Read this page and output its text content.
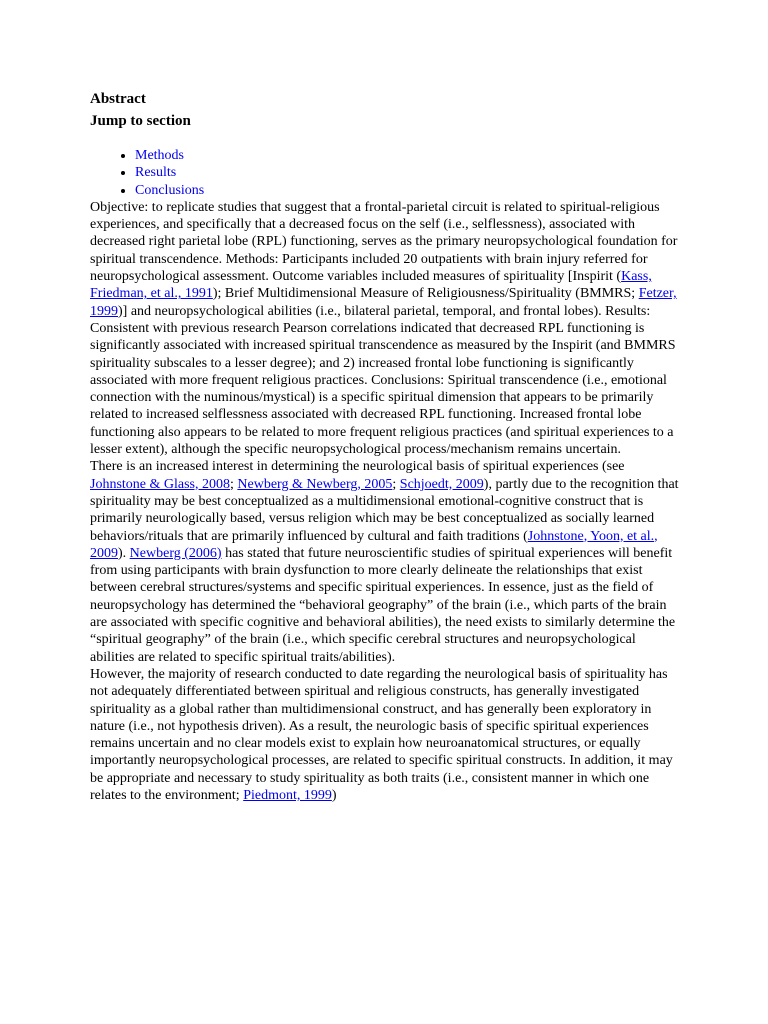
Abstract
Jump to section
• Methods
• Results
• Conclusions

Objective: to replicate studies that suggest that a frontal-parietal circuit is related to spiritual-religious experiences, and specifically that a decreased focus on the self (i.e., selflessness), associated with decreased right parietal lobe (RPL) functioning, serves as the primary neuropsychological foundation for spiritual transcendence. Methods: Participants included 20 outpatients with brain injury referred for neuropsychological assessment. Outcome variables included measures of spirituality [Inspirit (Kass, Friedman, et al., 1991); Brief Multidimensional Measure of Religiousness/Spirituality (BMMRS; Fetzer, 1999)] and neuropsychological abilities (i.e., bilateral parietal, temporal, and frontal lobes). Results: Consistent with previous research Pearson correlations indicated that decreased RPL functioning is significantly associated with increased spiritual transcendence as measured by the Inspirit (and BMMRS spirituality subscales to a lesser degree); and 2) increased frontal lobe functioning is significantly associated with more frequent religious practices. Conclusions: Spiritual transcendence (i.e., emotional connection with the numinous/mystical) is a specific spiritual dimension that appears to be primarily related to increased selflessness associated with decreased RPL functioning. Increased frontal lobe functioning also appears to be related to more frequent religious practices (and spiritual experiences to a lesser extent), although the specific neuropsychological process/mechanism remains uncertain.

There is an increased interest in determining the neurological basis of spiritual experiences (see Johnstone & Glass, 2008; Newberg & Newberg, 2005; Schjoedt, 2009), partly due to the recognition that spirituality may be best conceptualized as a multidimensional emotional-cognitive construct that is primarily neurologically based, versus religion which may be best conceptualized as socially learned behaviors/rituals that are primarily influenced by cultural and faith traditions (Johnstone, Yoon, et al., 2009). Newberg (2006) has stated that future neuroscientific studies of spiritual experiences will benefit from using participants with brain dysfunction to more clearly delineate the relationships that exist between cerebral structures/systems and specific spiritual experiences. In essence, just as the field of neuropsychology has determined the “behavioral geography” of the brain (i.e., which parts of the brain are associated with specific cognitive and behavioral abilities), the need exists to similarly determine the “spiritual geography” of the brain (i.e., which specific cerebral structures and neuropsychological abilities are related to specific spiritual traits/abilities).

However, the majority of research conducted to date regarding the neurological basis of spirituality has not adequately differentiated between spiritual and religious constructs, has generally investigated spirituality as a global rather than multidimensional construct, and has generally been exploratory in nature (i.e., not hypothesis driven). As a result, the neurologic basis of specific spiritual experiences remains uncertain and no clear models exist to explain how neuroanatomical structures, or equally importantly neuropsychological processes, are related to specific spiritual constructs. In addition, it may be appropriate and necessary to study spirituality as both traits (i.e., consistent manner in which one relates to the environment; Piedmont, 1999)
